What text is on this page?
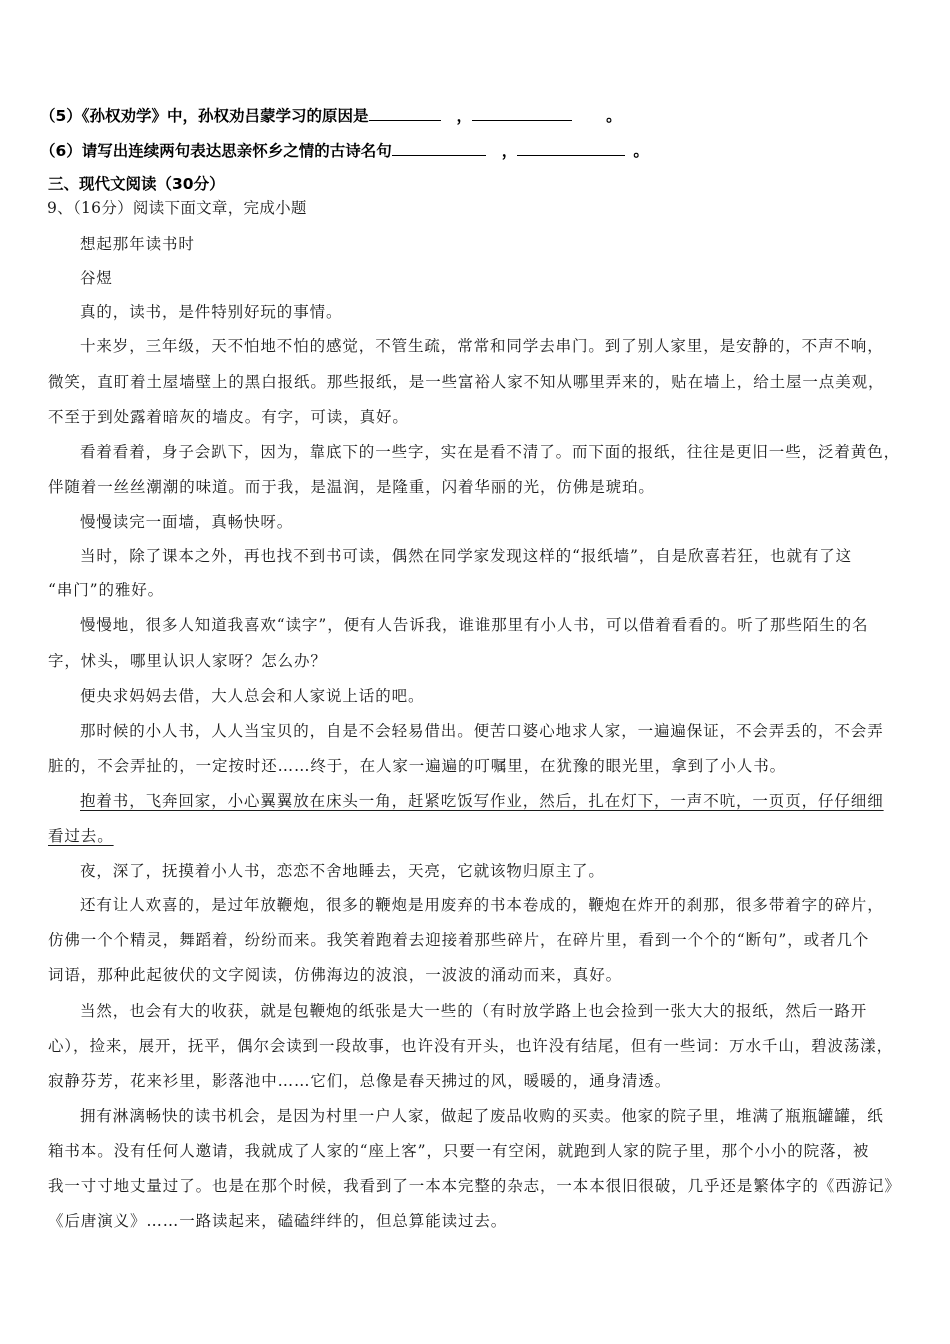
（5）《孙权劝学》中，孙权劝吕蒙学习的原因是	，	。
（6）请写出连续两句表达思亲怀乡之情的古诗名句	，	。
三、现代文阅读（30分）
9、（16分）阅读下面文章，完成小题
想起那年读书时
谷煜
真的，读书，是件特别好玩的事情。
十来岁，三年级，天不怕地不怕的感觉，不管生疏，常常和同学去串门。到了别人家里，是安静的，不声不响，
微笑，直盯着土屋墙壁上的黑白报纸。那些报纸，是一些富裕人家不知从哪里弄来的，贴在墙上，给土屋一点美观，
不至于到处露着暗灰的墙皮。有字，可读，真好。
看着看着，身子会趴下，因为，靠底下的一些字，实在是看不清了。而下面的报纸，往往是更旧一些，泛着黄色，
伴随着一丝丝潮潮的味道。而于我，是温润，是隆重，闪着华丽的光，仿佛是琥珀。
慢慢读完一面墙，真畅快呀。
当时，除了课本之外，再也找不到书可读，偶然在同学家发现这样的“报纸墙”，自是欣喜若狂，也就有了这
“串门”的雅好。
慢慢地，很多人知道我喜欢“读字”，便有人告诉我，谁谁那里有小人书，可以借着看看的。听了那些陌生的名
字，怵头，哪里认识人家呀？怎么办？
便央求妈妈去借，大人总会和人家说上话的吧。
那时候的小人书，人人当宝贝的，自是不会轻易借出。便苦口婆心地求人家，一遍遍保证，不会弄丢的，不会弄
脏的，不会弄扯的，一定按时还……终于，在人家一遍遍的叮嘱里，在犹豫的眼光里，拿到了小人书。
抱着书，飞奔回家，小心翼翼放在床头一角，赶紧吃饭写作业，然后，扎在灯下，一声不吭，一页页，仔仔细细
看过去。
夜，深了，抚摸着小人书，恋恋不舍地睡去，天亮，它就该物归原主了。
还有让人欢喜的，是过年放鞭炮，很多的鞭炮是用废弃的书本卷成的，鞭炮在炸开的刹那，很多带着字的碎片，
仿佛一个个精灵，舞蹈着，纷纷而来。我笑着跑着去迎接着那些碎片，在碎片里，看到一个个的“断句”，或者几个
词语，那种此起彼伏的文字阅读，仿佛海边的波浪，一波波的涌动而来，真好。
当然，也会有大的收获，就是包鞭炮的纸张是大一些的（有时放学路上也会捡到一张大大的报纸，然后一路开
心），捡来，展开，抚平，偶尔会读到一段故事，也许没有开头，也许没有结尾，但有一些词：万水千山，碧波荡漾，
寂静芬芳，花来衫里，影落池中……它们，总像是春天拂过的风，暖暖的，通身清透。
拥有淋漓畅快的读书机会，是因为村里一户人家，做起了废品收购的买卖。他家的院子里，堆满了瓶瓶罐罐，纸
箱书本。没有任何人邀请，我就成了人家的“座上客”，只要一有空闲，就跑到人家的院子里，那个小小的院落，被
我一寸寸地丈量过了。也是在那个时候，我看到了一本本完整的杂志，一本本很旧很破，几乎还是繁体字的《西游记》
《后唐演义》……一路读起来，磕磕绊绊的，但总算能读过去。
